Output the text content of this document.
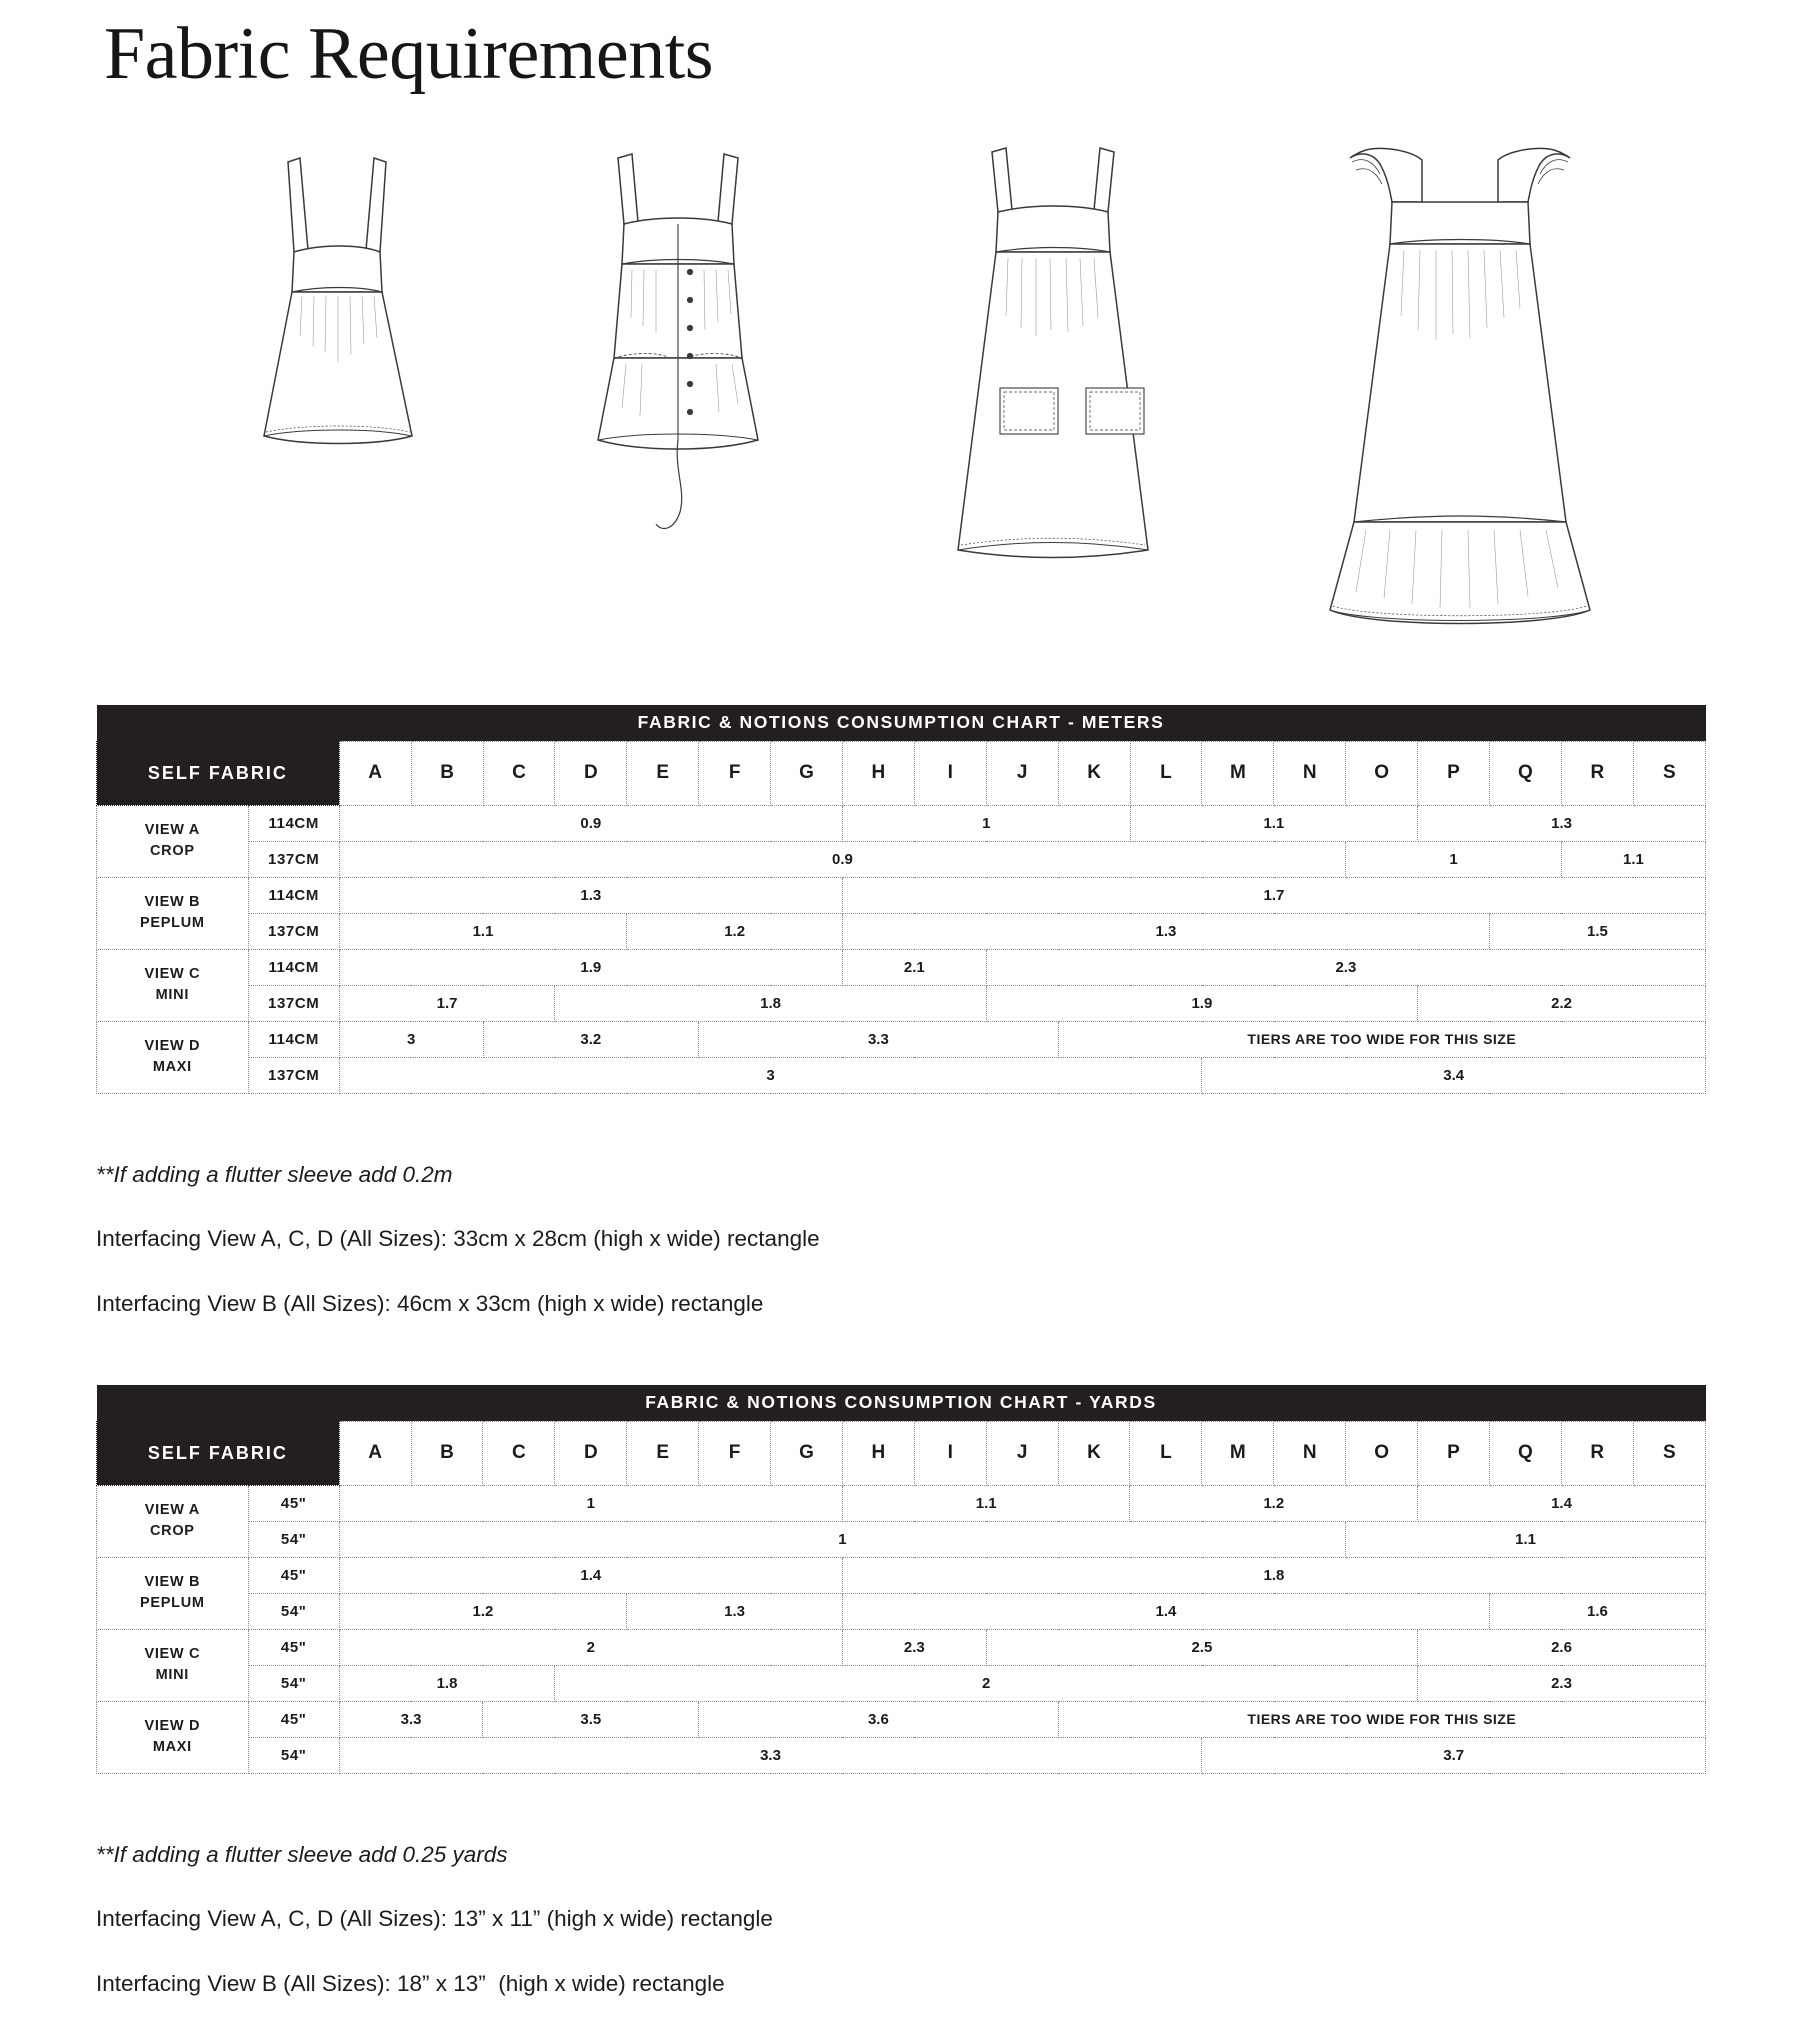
Fabric Requirements
FABRIC & NOTIONS CONSUMPTION CHART - METERS																				
SELF FABRIC		A	B	C	D	E	F	G	H	I	J	K	L	M	N	O	P	Q	R	S
VIEW A
CROP	114CM	0.9							1				1.1				1.3			
	137CM	0.9														1			1.1	
VIEW B
PEPLUM	114CM	1.3							1.7											
	137CM	1.1				1.2			1.3									1.5		
VIEW C
MINI	114CM	1.9							2.1		2.3									
	137CM	1.7			1.8						1.9						2.2			
VIEW D
MAXI	114CM	3		3.2			3.3					TIERS ARE TOO WIDE FOR THIS SIZE								
	137CM	3												3.4						
**If adding a flutter sleeve add 0.2m
Interfacing View A, C, D (All Sizes): 33cm x 28cm (high x wide) rectangle
Interfacing View B (All Sizes): 46cm x 33cm (high x wide) rectangle
FABRIC & NOTIONS CONSUMPTION CHART - YARDS																				
SELF FABRIC		A	B	C	D	E	F	G	H	I	J	K	L	M	N	O	P	Q	R	S
VIEW A
CROP	45"	1							1.1				1.2				1.4			
	54"	1														1.1				
VIEW B
PEPLUM	45"	1.4							1.8											
	54"	1.2				1.3			1.4									1.6		
VIEW C
MINI	45"	2							2.3		2.5						2.6			
	54"	1.8			2												2.3			
VIEW D
MAXI	45"	3.3		3.5			3.6					TIERS ARE TOO WIDE FOR THIS SIZE								
	54"	3.3												3.7						
**If adding a flutter sleeve add 0.25 yards
Interfacing View A, C, D (All Sizes): 13” x 11” (high x wide) rectangle
Interfacing View B (All Sizes): 18” x 13”  (high x wide) rectangle
